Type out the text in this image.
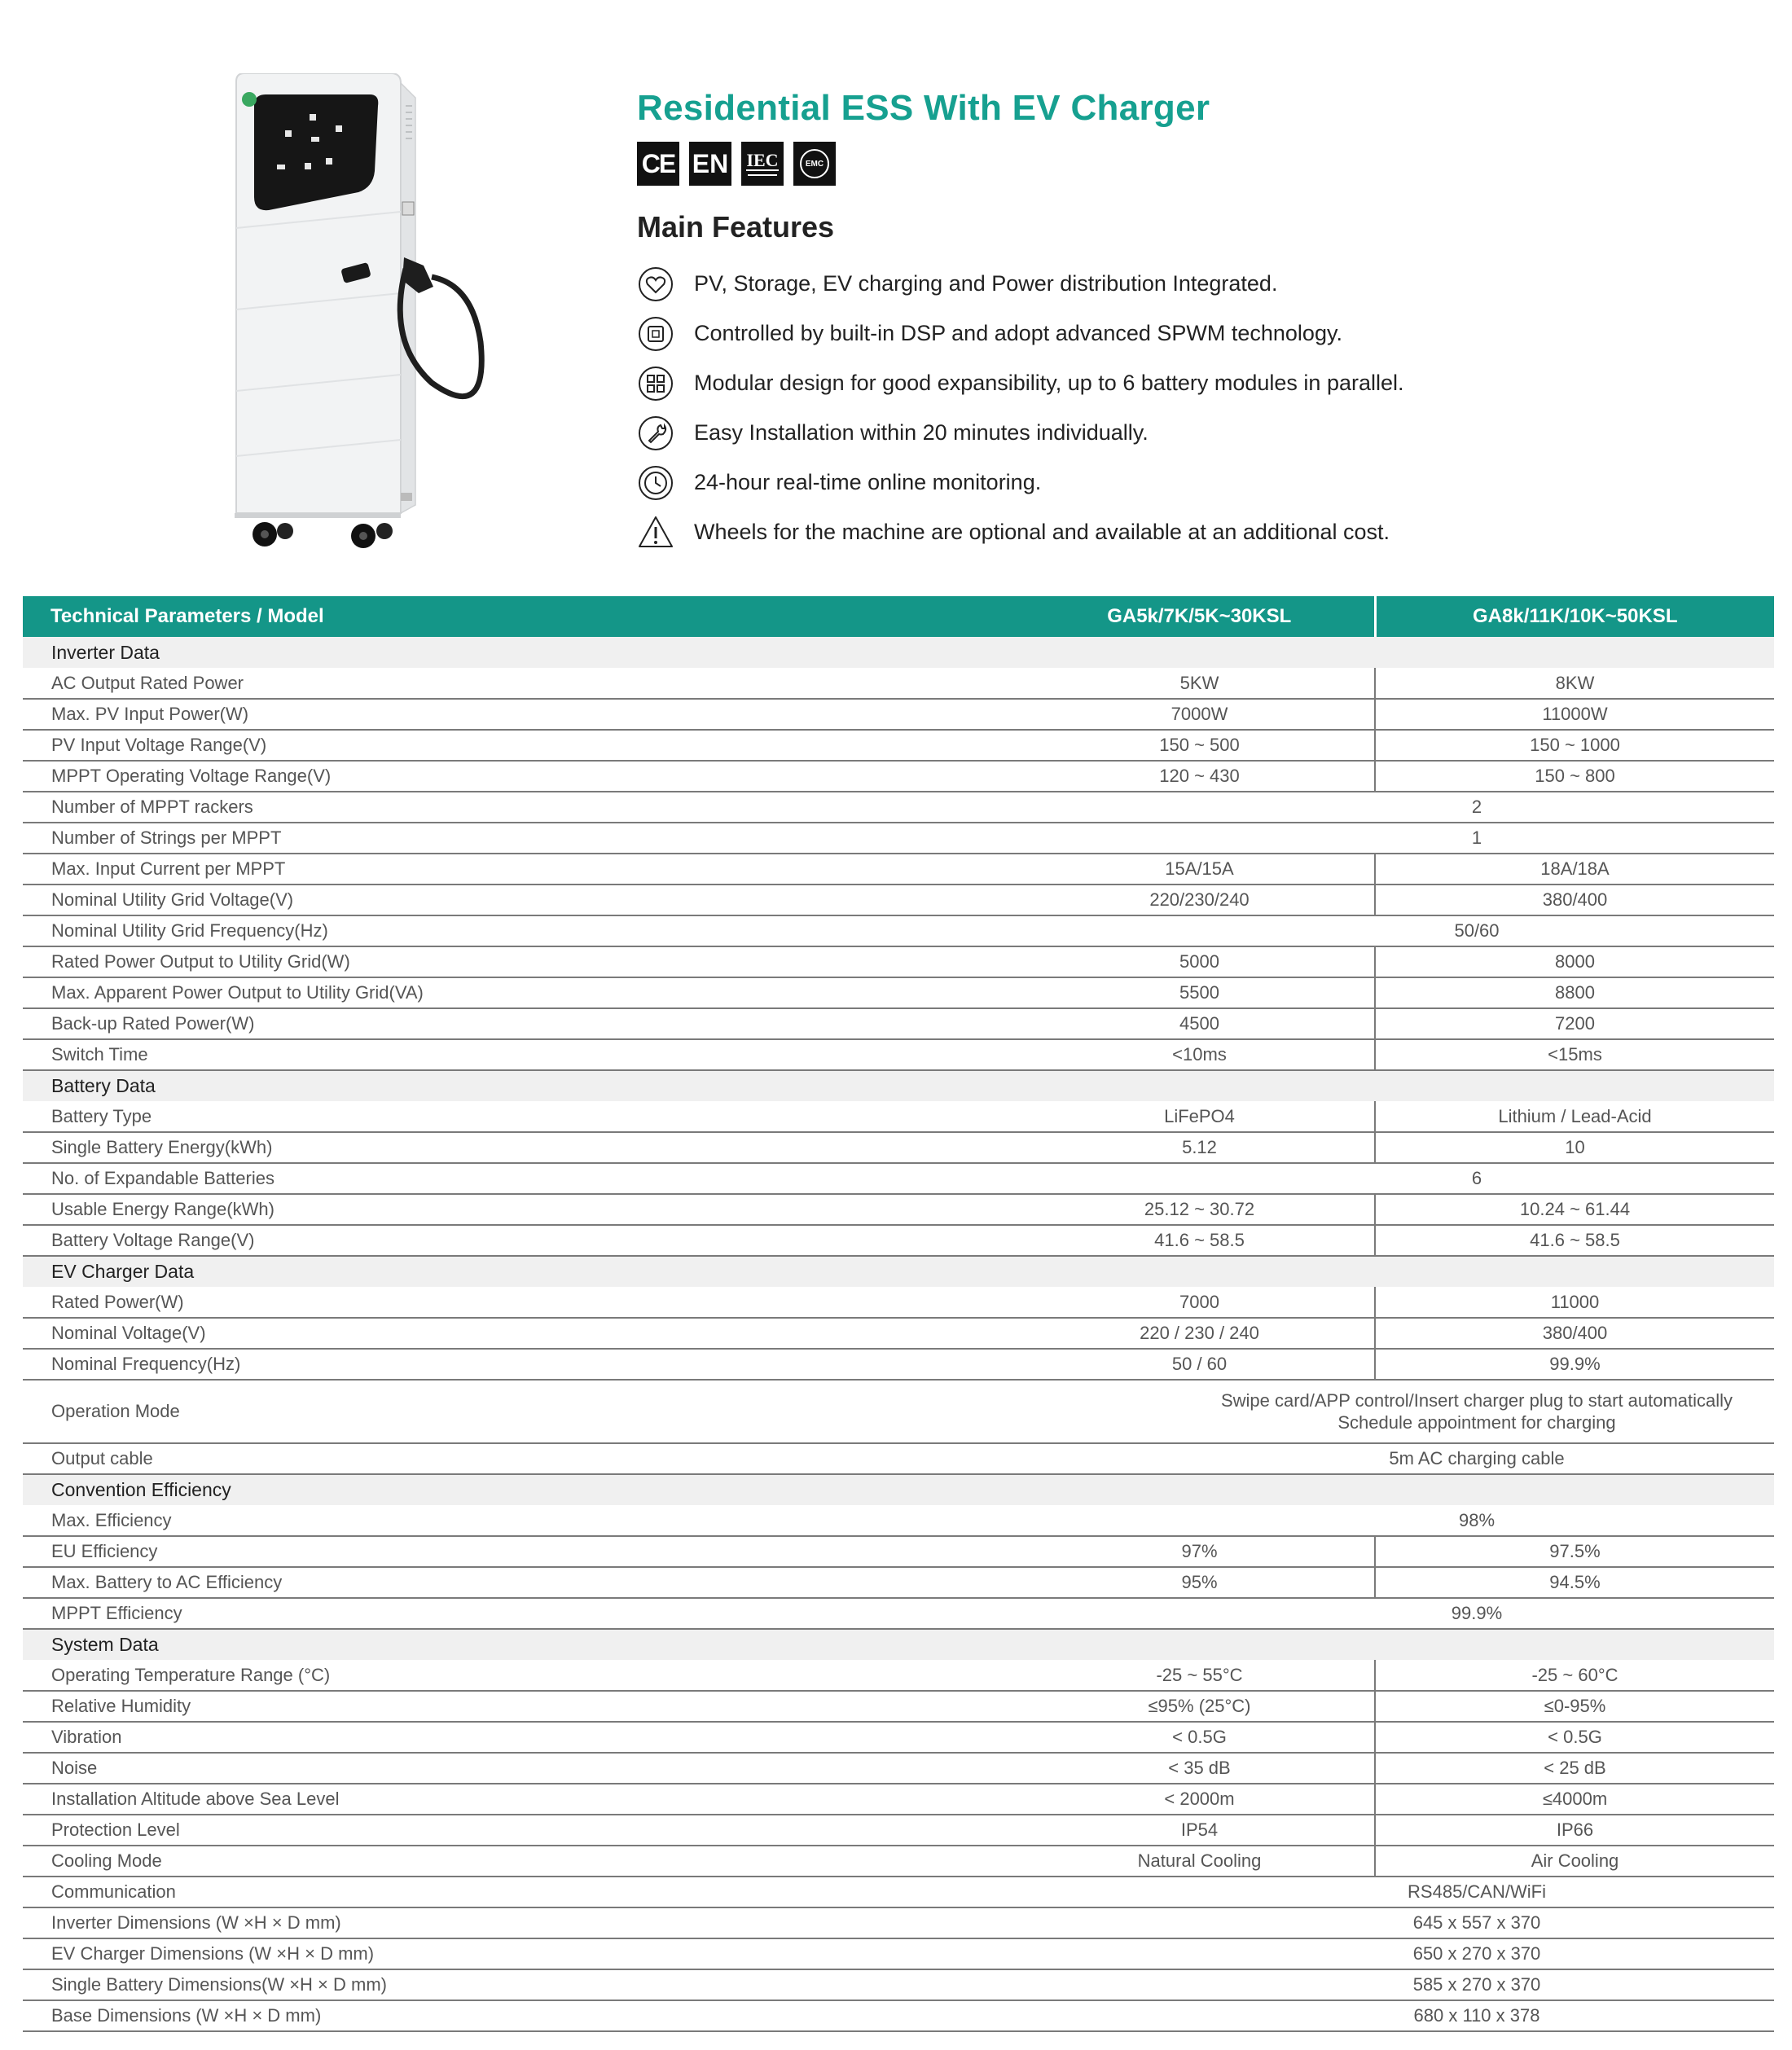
Residential ESS With EV Charger
CE EN IEC	EMC
Main Features
PV, Storage, EV charging and Power distribution Integrated.
Controlled by built-in DSP and adopt advanced SPWM technology.
Modular design for good expansibility, up to 6 battery modules in parallel.
Easy Installation within 20 minutes individually.
24-hour real-time online monitoring.
Wheels for the machine are optional and available at an additional cost.
Technical Parameters / Model	GA5k/7K/5K~30KSL	GA8k/11K/10K~50KSL
Inverter Data		
AC Output Rated Power	5KW	8KW
Max. PV Input Power(W)	7000W	11000W
PV Input Voltage Range(V)	150 ~ 500	150 ~ 1000
MPPT Operating Voltage Range(V)	120 ~ 430	150 ~ 800
Number of MPPT rackers	2	
Number of Strings per MPPT	1	
Max. Input Current per MPPT	15A/15A	18A/18A
Nominal Utility Grid Voltage(V)	220/230/240	380/400
Nominal Utility Grid Frequency(Hz)	50/60	
Rated Power Output to Utility Grid(W)	5000	8000
Max. Apparent Power Output to Utility Grid(VA)	5500	8800
Back-up Rated Power(W)	4500	7200
Switch Time	<10ms	<15ms
Battery Data		
Battery Type	LiFePO4	Lithium / Lead-Acid
Single Battery Energy(kWh)	5.12	10
No. of Expandable Batteries	6	
Usable Energy Range(kWh)	25.12 ~ 30.72	10.24 ~ 61.44
Battery Voltage Range(V)	41.6 ~ 58.5	41.6 ~ 58.5
EV Charger Data		
Rated Power(W)	7000	11000
Nominal Voltage(V)	220 / 230 / 240	380/400
Nominal Frequency(Hz)	50 / 60	99.9%
Operation Mode	Swipe card/APP control/Insert charger plug to start automatically
Schedule appointment for charging	

Output cable	5m AC charging cable	
Convention Efficiency		
Max. Efficiency	98%	
EU Efficiency	97%	97.5%
Max. Battery to AC Efficiency	95%	94.5%
MPPT Efficiency	99.9%	
System Data		
Operating Temperature Range (°C)	-25 ~ 55°C	-25 ~ 60°C
Relative Humidity	≤95% (25°C)	≤0-95%
Vibration	< 0.5G	< 0.5G
Noise	< 35 dB	< 25 dB
Installation Altitude above Sea Level	< 2000m	≤4000m
Protection Level	IP54	IP66
Cooling Mode	Natural Cooling	Air Cooling
Communication	RS485/CAN/WiFi	
Inverter Dimensions (W ×H × D mm)	645 x 557 x 370	
EV Charger Dimensions (W ×H × D mm)	650 x 270 x 370	
Single Battery Dimensions(W ×H × D mm)	585 x 270 x 370	
Base Dimensions (W ×H × D mm)	680 x 110 x 378	
